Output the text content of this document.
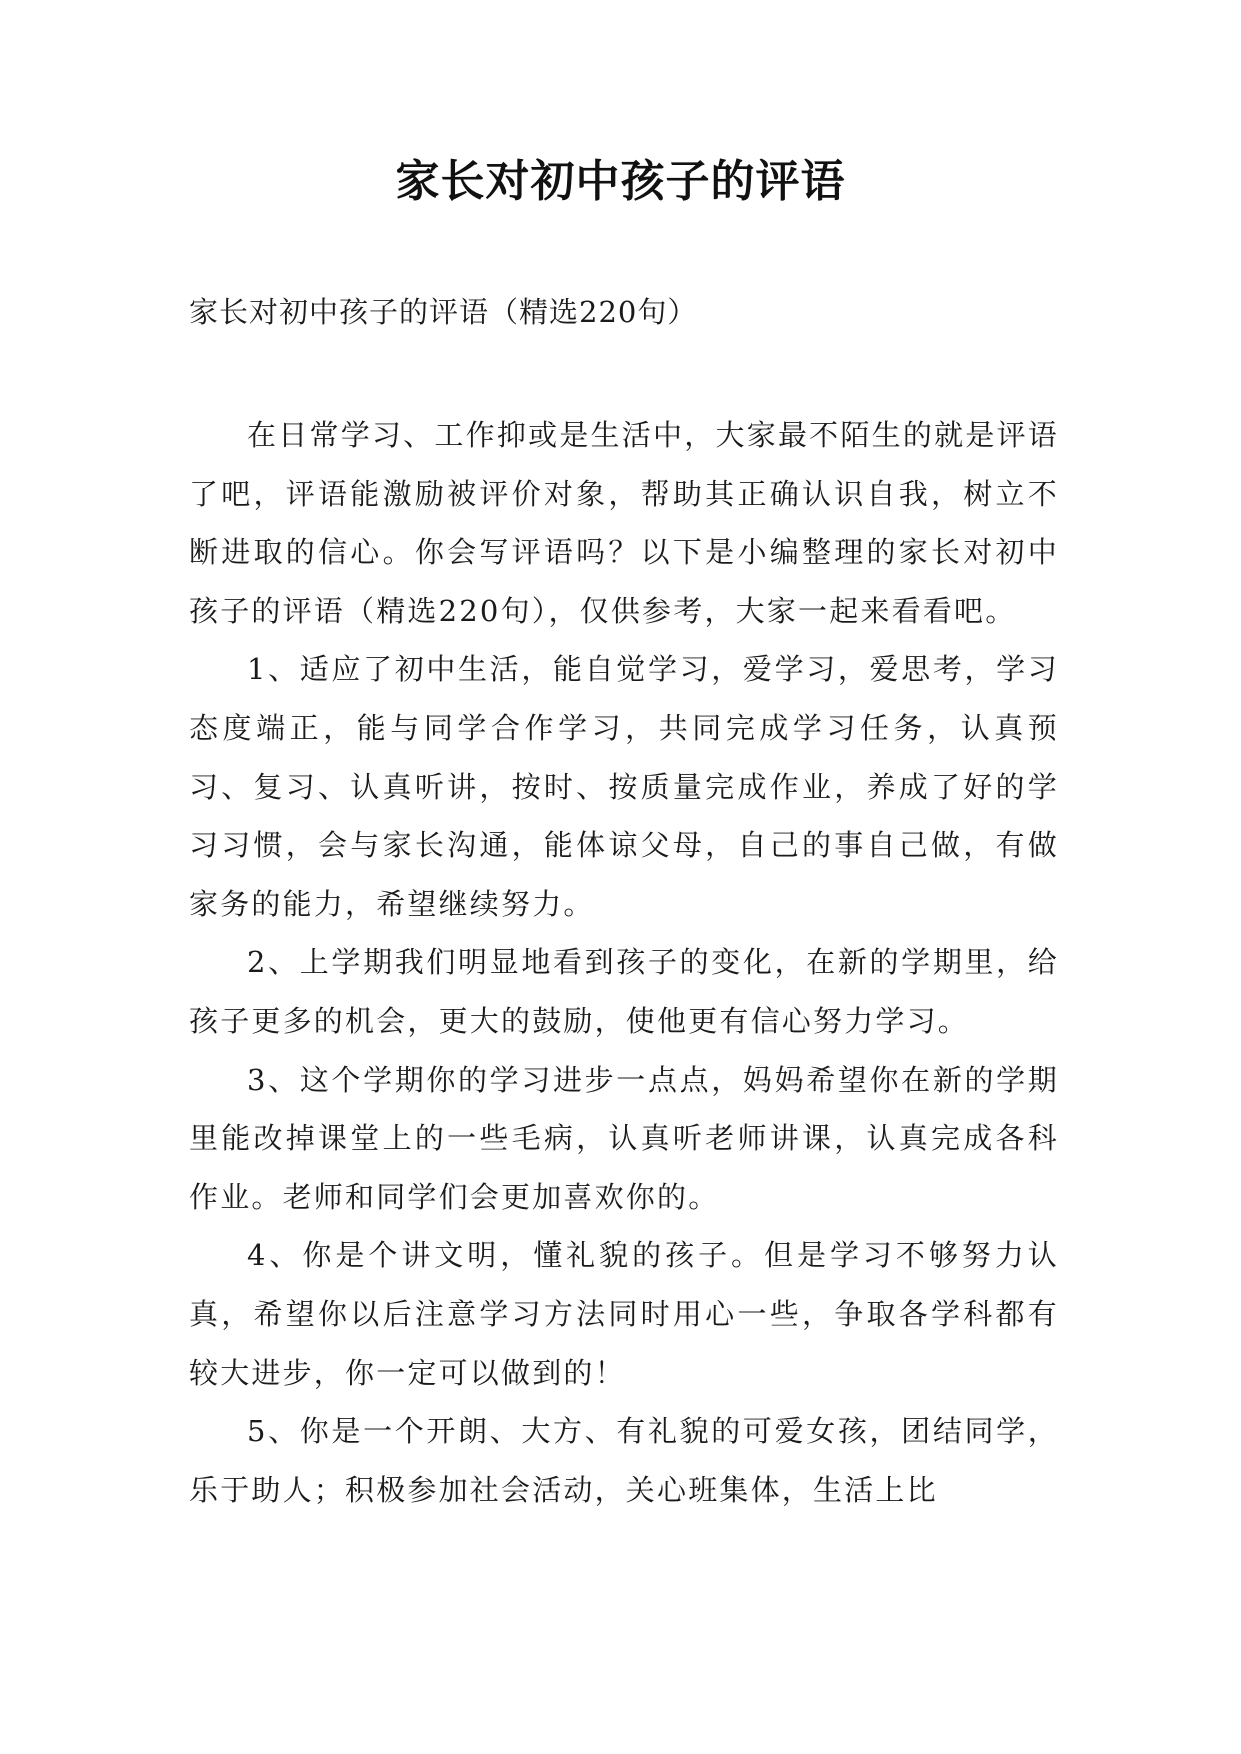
家长对初中孩子的评语

家长对初中孩子的评语（精选220句）

在日常学习、工作抑或是生活中，大家最不陌生的就是评语了吧，评语能激励被评价对象，帮助其正确认识自我，树立不断进取的信心。你会写评语吗？以下是小编整理的家长对初中孩子的评语（精选220句），仅供参考，大家一起来看看吧。

1、适应了初中生活，能自觉学习，爱学习，爱思考，学习态度端正，能与同学合作学习，共同完成学习任务，认真预习、复习、认真听讲，按时、按质量完成作业，养成了好的学习习惯，会与家长沟通，能体谅父母，自己的事自己做，有做家务的能力，希望继续努力。

2、上学期我们明显地看到孩子的变化，在新的学期里，给孩子更多的机会，更大的鼓励，使他更有信心努力学习。

3、这个学期你的学习进步一点点，妈妈希望你在新的学期里能改掉课堂上的一些毛病，认真听老师讲课，认真完成各科作业。老师和同学们会更加喜欢你的。

4、你是个讲文明，懂礼貌的孩子。但是学习不够努力认真，希望你以后注意学习方法同时用心一些，争取各学科都有较大进步，你一定可以做到的！

5、你是一个开朗、大方、有礼貌的可爱女孩，团结同学，乐于助人；积极参加社会活动，关心班集体，生活上比
